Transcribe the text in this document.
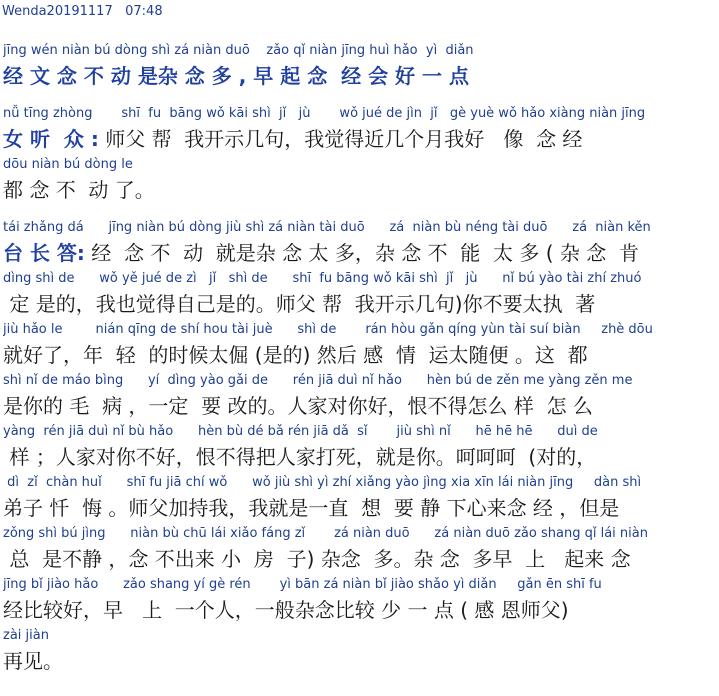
Wenda20191117 07:48
jīng wén niàn bú dòng shì zá niàn duō    zǎo qǐ niàn jīng huì hǎo  yì  diǎn
经 文 念 不 动 是杂 念 多 , 早 起 念  经 会 好 一 点
nǚ tīng zhòng       shī  fu  bāng wǒ kāi shì  jǐ   jù       wǒ jué de jìn  jǐ   gè yuè wǒ hǎo xiàng niàn jīng
女 听  众 : 师父 帮  我开示几句，我觉得近几个月我好   像  念 经
dōu niàn bú dòng le
都 念 不  动 了。
tái zhǎng dá      jīng niàn bú dòng jiù shì zá niàn tài duō      zá  niàn bù néng tài duō      zá  niàn kěn
台 长 答: 经  念 不  动  就是杂 念 太 多，杂 念 不  能  太 多 ( 杂 念  肯
dìng shì de      wǒ yě jué de zì   jǐ   shì de      shī  fu bāng wǒ kāi shì  jǐ   jù      nǐ bú yào tài zhí zhuó
定 是的，我也觉得自己是的。师父 帮  我开示几句)你不要太执  著
jiù hǎo le        nián qīng de shí hou tài juè      shì de       rán hòu gǎn qíng yùn tài suí biàn     zhè dōu
就好了，年  轻  的时候太倔 (是的) 然后 感  情  运太随便 。这  都
shì nǐ de máo bìng      yí  dìng yào gǎi de      rén jiā duì nǐ hǎo      hèn bú de zěn me yàng zěn me
是你的 毛  病 ，一定  要 改的。人家对你好，恨不得怎么 样  怎 么
yàng  rén jiā duì nǐ bù hǎo      hèn bù dé bǎ rén jiā dǎ  sǐ       jiù shì nǐ      hē hē hē      duì de
样 ；人家对你不好，恨不得把人家打死，就是你。呵呵呵  (对的，
dì  zǐ  chàn huǐ      shī fu jiā chí wǒ      wǒ jiù shì yì zhí xiǎng yào jìng xia xīn lái niàn jīng     dàn shì
弟子 忏  悔 。师父加持我，我就是一直  想  要 静 下心来念 经 ，但是
zǒng shì bú jìng      niàn bù chū lái xiǎo fáng zǐ       zá niàn duō      zá niàn duō zǎo shang qǐ lái niàn
总  是不静 ，念 不出来 小  房  子) 杂念  多。杂 念  多早  上   起来 念
jīng bǐ jiào hǎo      zǎo shang yí gè rén       yì bān zá niàn bǐ jiào shǎo yì diǎn     gǎn ēn shī fu
经比较好，早   上  一个人，一般杂念比较 少 一 点 ( 感 恩师父)
zài jiàn
再见。
